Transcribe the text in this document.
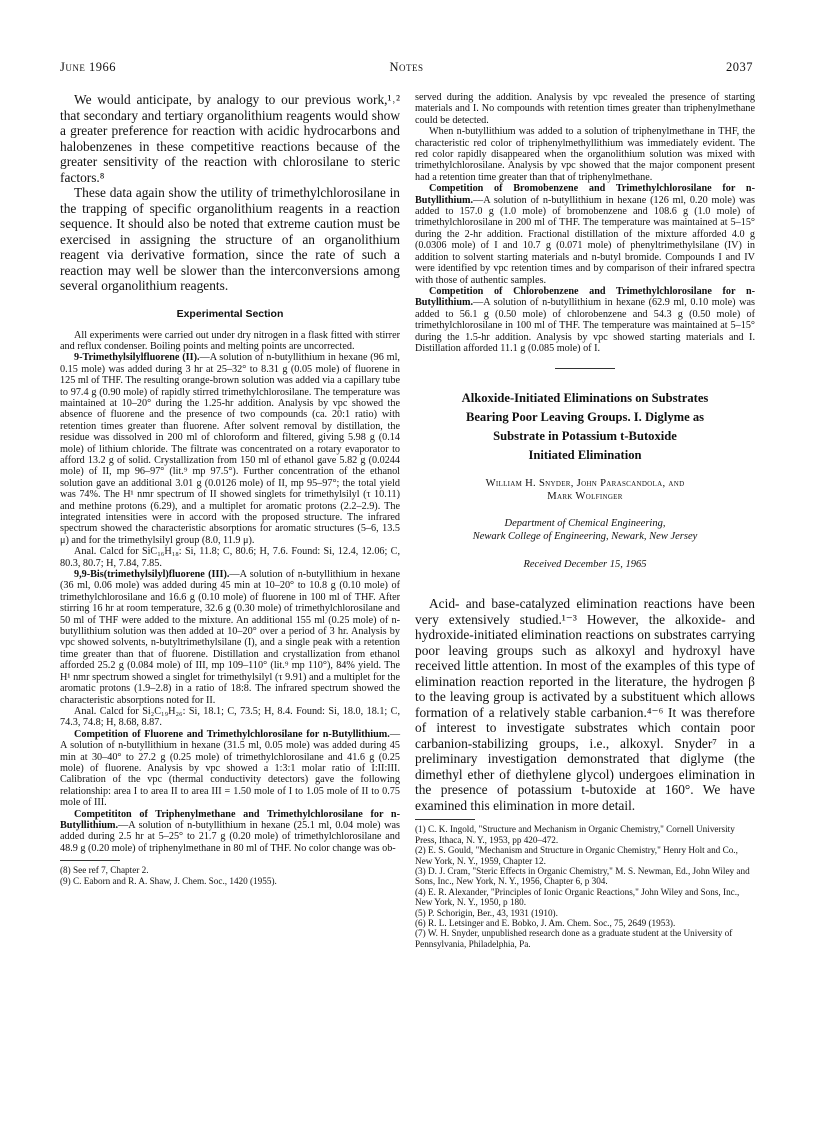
June 1966	Notes	2037

We would anticipate, by analogy to our previous work,¹˒² that secondary and tertiary organolithium reagents would show a greater preference for reaction with acidic hydrocarbons and halobenzenes in these competitive reactions because of the greater sensitivity of the reaction with chlorosilane to steric factors.⁸

These data again show the utility of trimethylchlorosilane in the trapping of specific organolithium reagents in a reaction sequence. It should also be noted that extreme caution must be exercised in assigning the structure of an organolithium reagent via derivative formation, since the rate of such a reaction may well be slower than the interconversions among several organolithium reagents.

Experimental Section

All experiments were carried out under dry nitrogen in a flask fitted with stirrer and reflux condenser. Boiling points and melting points are uncorrected.

9-Trimethylsilylfluorene (II).—A solution of n-butyllithium in hexane (96 ml, 0.15 mole) was added during 3 hr at 25–32° to 8.31 g (0.05 mole) of fluorene in 125 ml of THF. The resulting orange-brown solution was added via a capillary tube to 97.4 g (0.90 mole) of rapidly stirred trimethylchlorosilane. The temperature was maintained at 10–20° during the 1.25-hr addition. Analysis by vpc showed the absence of fluorene and the presence of two compounds (ca. 20:1 ratio) with retention times greater than fluorene. After solvent removal by distillation, the residue was dissolved in 200 ml of chloroform and filtered, giving 5.98 g (0.14 mole) of lithium chloride. The filtrate was concentrated on a rotary evaporator to afford 13.2 g of solid. Crystallization from 150 ml of ethanol gave 5.82 g (0.0244 mole) of II, mp 96–97° (lit.⁹ mp 97.5°). Further concentration of the ethanol solution gave an additional 3.01 g (0.0126 mole) of II, mp 95–97°; the total yield was 74%. The H¹ nmr spectrum of II showed singlets for trimethylsilyl (τ 10.11) and methine protons (6.29), and a multiplet for aromatic protons (2.2–2.9). The integrated intensities were in accord with the proposed structure. The infrared spectrum showed the characteristic absorptions for aromatic structures (5–6, 13.5 μ) and for the trimethylsilyl group (8.0, 11.9 μ).

Anal. Calcd for SiC₁₆H₁₈: Si, 11.8; C, 80.6; H, 7.6. Found: Si, 12.4, 12.06; C, 80.3, 80.7; H, 7.84, 7.85.

9,9-Bis(trimethylsilyl)fluorene (III).—A solution of n-butyllithium in hexane (36 ml, 0.06 mole) was added during 45 min at 10–20° to 10.8 g (0.10 mole) of trimethylchlorosilane and 16.6 g (0.10 mole) of fluorene in 100 ml of THF. After stirring 16 hr at room temperature, 32.6 g (0.30 mole) of trimethylchlorosilane and 50 ml of THF were added to the mixture. An additional 155 ml (0.25 mole) of n-butyllithium solution was then added at 10–20° over a period of 3 hr. Analysis by vpc showed solvents, n-butyltrimethylsilane (I), and a single peak with a retention time greater than that of fluorene. Distillation and crystallization from ethanol afforded 25.2 g (0.084 mole) of III, mp 109–110° (lit.⁹ mp 110°), 84% yield. The H¹ nmr spectrum showed a singlet for trimethylsilyl (τ 9.91) and a multiplet for the aromatic protons (1.9–2.8) in a ratio of 18:8. The infrared spectrum showed the characteristic absorptions noted for II.

Anal. Calcd for Si₂C₁₉H₂₆: Si, 18.1; C, 73.5; H, 8.4. Found: Si, 18.0, 18.1; C, 74.3, 74.8; H, 8.68, 8.87.

Competition of Fluorene and Trimethylchlorosilane for n-Butyllithium.—A solution of n-butyllithium in hexane (31.5 ml, 0.05 mole) was added during 45 min at 30–40° to 27.2 g (0.25 mole) of trimethylchlorosilane and 41.6 g (0.25 mole) of fluorene. Analysis by vpc showed a 1:3:1 molar ratio of I:II:III. Calibration of the vpc (thermal conductivity detectors) gave the following relationship: area I to area II to area III = 1.50 mole of I to 1.05 mole of II to 0.75 mole of III.

Competititon of Triphenylmethane and Trimethylchlorosilane for n-Butyllithium.—A solution of n-butyllithium in hexane (25.1 ml, 0.04 mole) was added during 2.5 hr at 5–25° to 21.7 g (0.20 mole) of trimethylchlorosilane and 48.9 g (0.20 mole) of triphenylmethane in 80 ml of THF. No color change was ob-

(8) See ref 7, Chapter 2.

(9) C. Eaborn and R. A. Shaw, J. Chem. Soc., 1420 (1955).

served during the addition. Analysis by vpc revealed the presence of starting materials and I. No compounds with retention times greater than triphenylmethane could be detected.

When n-butyllithium was added to a solution of triphenylmethane in THF, the characteristic red color of triphenylmethyllithium was immediately evident. The red color rapidly disappeared when the organolithium solution was mixed with trimethylchlorosilane. Analysis by vpc showed that the major component present had a retention time greater than that of triphenylmethane.

Competition of Bromobenzene and Trimethylchlorosilane for n-Butyllithium.—A solution of n-butyllithium in hexane (126 ml, 0.20 mole) was added to 157.0 g (1.0 mole) of bromobenzene and 108.6 g (1.0 mole) of trimethylchlorosilane in 200 ml of THF. The temperature was maintained at 5–15° during the 2-hr addition. Fractional distillation of the mixture afforded 4.0 g (0.0306 mole) of I and 10.7 g (0.071 mole) of phenyltrimethylsilane (IV) in addition to solvent starting materials and n-butyl bromide. Compounds I and IV were identified by vpc retention times and by comparison of their infrared spectra with those of authentic samples.

Competition of Chlorobenzene and Trimethylchlorosilane for n-Butyllithium.—A solution of n-butyllithium in hexane (62.9 ml, 0.10 mole) was added to 56.1 g (0.50 mole) of chlorobenzene and 54.3 g (0.50 mole) of trimethylchlorosilane in 100 ml of THF. The temperature was maintained at 5–15° during the 1.5-hr addition. Analysis by vpc showed starting materials and I. Distillation afforded 11.1 g (0.085 mole) of I.

Alkoxide-Initiated Eliminations on Substrates
Bearing Poor Leaving Groups. I. Diglyme as
Substrate in Potassium t-Butoxide
Initiated Elimination
William H. Snyder, John Parascandola, and
Mark Wolfinger
Department of Chemical Engineering,
Newark College of Engineering, Newark, New Jersey
Received December 15, 1965

Acid- and base-catalyzed elimination reactions have been very extensively studied.¹⁻³ However, the alkoxide- and hydroxide-initiated elimination reactions on substrates carrying poor leaving groups such as alkoxyl and hydroxyl have received little attention. In most of the examples of this type of elimination reaction reported in the literature, the hydrogen β to the leaving group is activated by a substituent which allows formation of a relatively stable carbanion.⁴⁻⁶ It was therefore of interest to investigate substrates which contain poor carbanion-stabilizing groups, i.e., alkoxyl. Snyder⁷ in a preliminary investigation demonstrated that diglyme (the dimethyl ether of diethylene glycol) undergoes elimination in the presence of potassium t-butoxide at 160°. We have examined this elimination in more detail.

(1) C. K. Ingold, "Structure and Mechanism in Organic Chemistry," Cornell University Press, Ithaca, N. Y., 1953, pp 420–472.

(2) E. S. Gould, "Mechanism and Structure in Organic Chemistry," Henry Holt and Co., New York, N. Y., 1959, Chapter 12.

(3) D. J. Cram, "Steric Effects in Organic Chemistry," M. S. Newman, Ed., John Wiley and Sons, Inc., New York, N. Y., 1956, Chapter 6, p 304.

(4) E. R. Alexander, "Principles of Ionic Organic Reactions," John Wiley and Sons, Inc., New York, N. Y., 1950, p 180.

(5) P. Schorigin, Ber., 43, 1931 (1910).

(6) R. L. Letsinger and E. Bobko, J. Am. Chem. Soc., 75, 2649 (1953).

(7) W. H. Snyder, unpublished research done as a graduate student at the University of Pennsylvania, Philadelphia, Pa.
